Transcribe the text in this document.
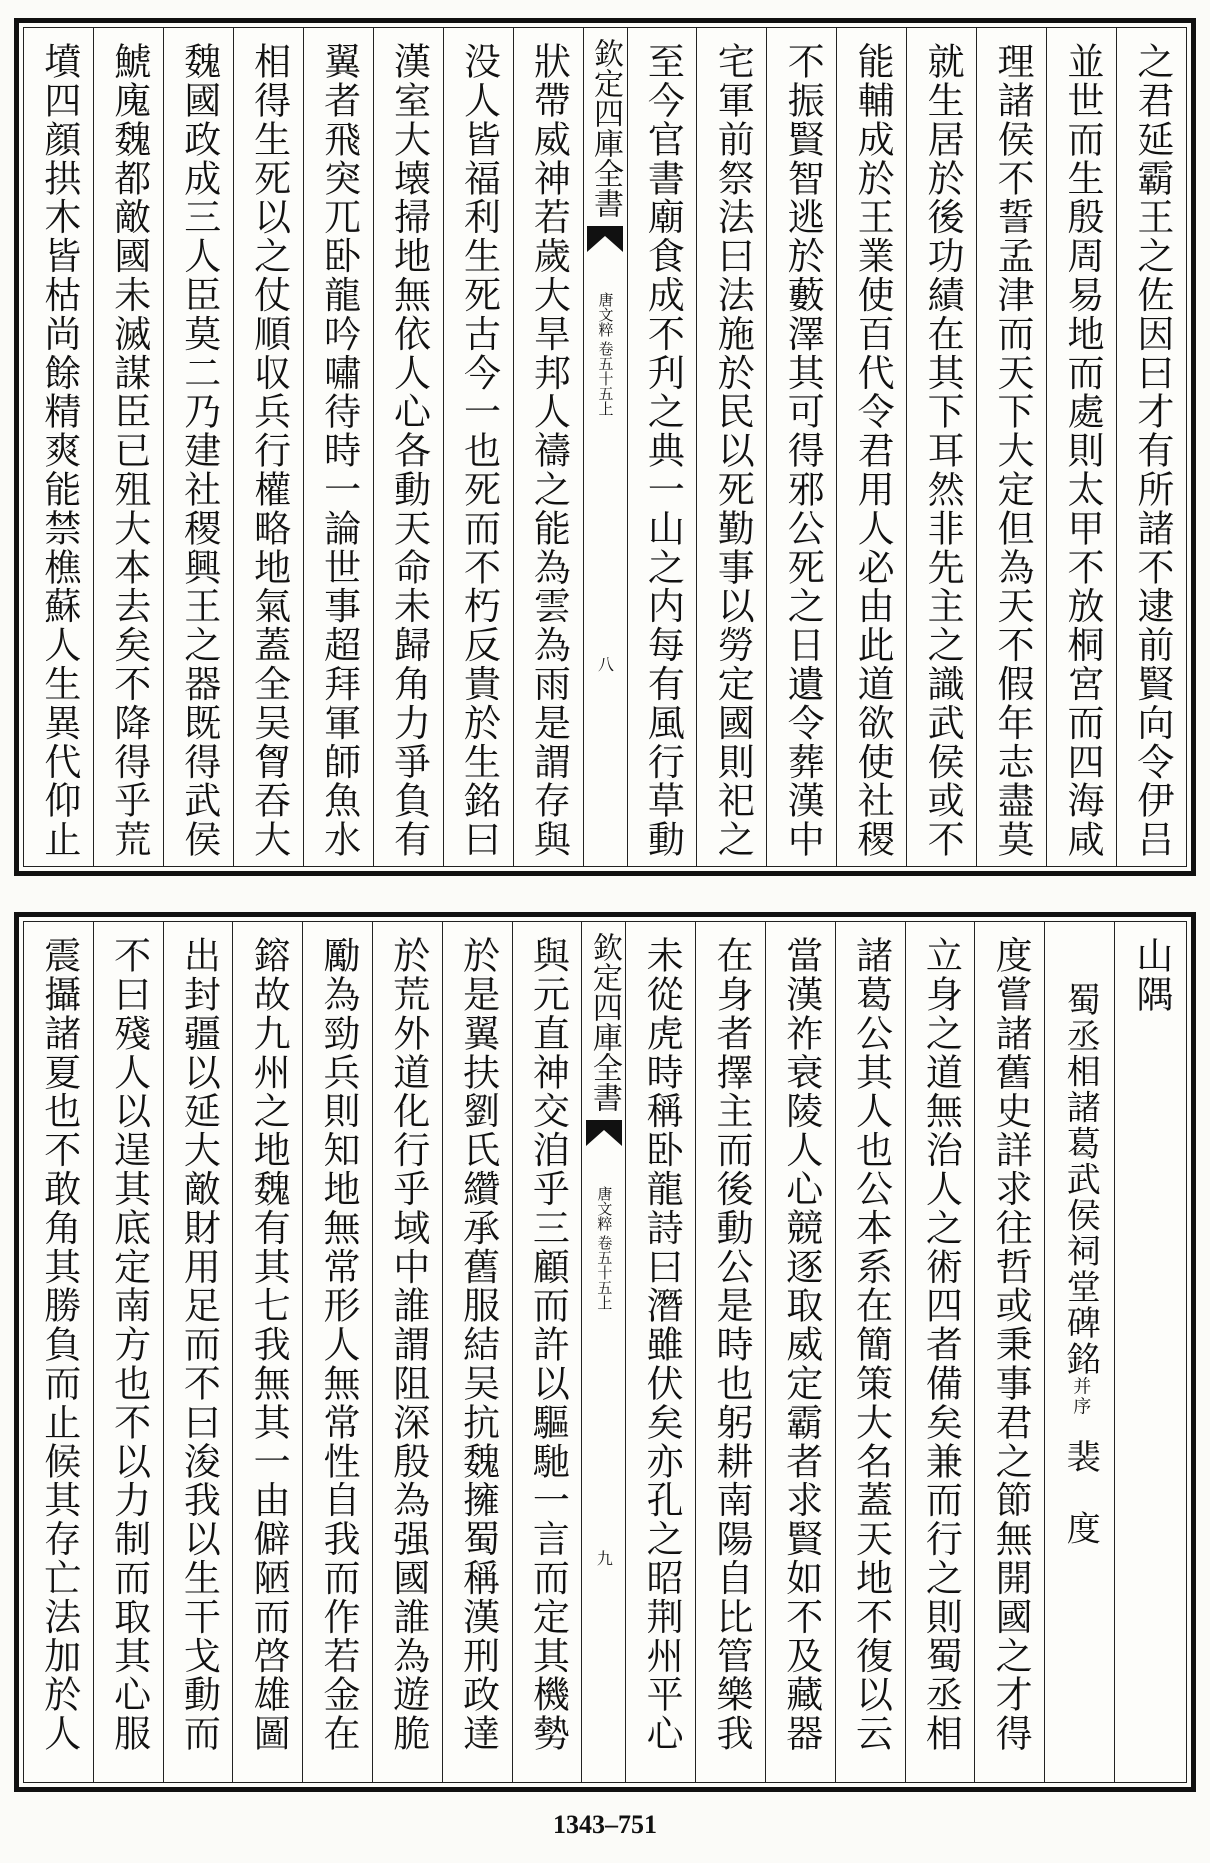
之君延霸王之佐因曰才有所諸不逮前賢向令伊吕
並世而生殷周易地而處則太甲不放桐宮而四海咸
理諸侯不誓孟津而天下大定但為天不假年志盡莫
就生居於後功績在其下耳然非先主之識武侯或不
能輔成於王業使百代令君用人必由此道欲使社稷
不振賢智逃於藪澤其可得邪公死之日遺令葬漢中
宅軍前祭法曰法施於民以死勤事以勞定國則祀之
至今官書廟食成不刋之典一山之内每有風行草動
欽定四庫全書
唐文粹
卷五十五上
八
狀帶威神若歲大旱邦人禱之能為雲為雨是謂存與
没人皆福利生死古今一也死而不朽反貴於生銘曰
漢室大壊掃地無依人心各動天命未歸角力爭負有
翼者飛突兀卧龍吟嘯待時一論世事超拜軍師魚水
相得生死以之仗順収兵行權略地氣蓋全吴胷吞大
魏國政成三人臣莫二乃建社稷興王之器既得武侯
鯱廆魏都敵國未滅謀臣已殂大本去矣不降得乎荒
墳四顔拱木皆枯尚餘精爽能禁樵蘇人生異代仰止
山隅
蜀丞相諸葛武侯祠堂碑銘并序裴　度
度嘗諸舊史詳求往哲或秉事君之節無開國之才得
立身之道無治人之術四者備矣兼而行之則蜀丞相
諸葛公其人也公本系在簡策大名蓋天地不復以云
當漢祚衰陵人心競逐取威定霸者求賢如不及藏器
在身者擇主而後動公是時也躬耕南陽自比管樂我
未從虎時稱卧龍詩曰潛雖伏矣亦孔之昭荆州平心
欽定四庫全書
唐文粹
卷五十五上
九
與元直神交洎乎三顧而許以驅馳一言而定其機勢
於是翼扶劉氏纘承舊服結吴抗魏擁蜀稱漢刑政達
於荒外道化行乎域中誰謂阻深殷為强國誰為遊脆
勵為勁兵則知地無常形人無常性自我而作若金在
鎔故九州之地魏有其七我無其一由僻陋而啓雄圖
出封疆以延大敵財用足而不曰浚我以生干戈動而
不曰殘人以逞其底定南方也不以力制而取其心服
震攝諸夏也不敢角其勝負而止候其存亡法加於人
1343–751
